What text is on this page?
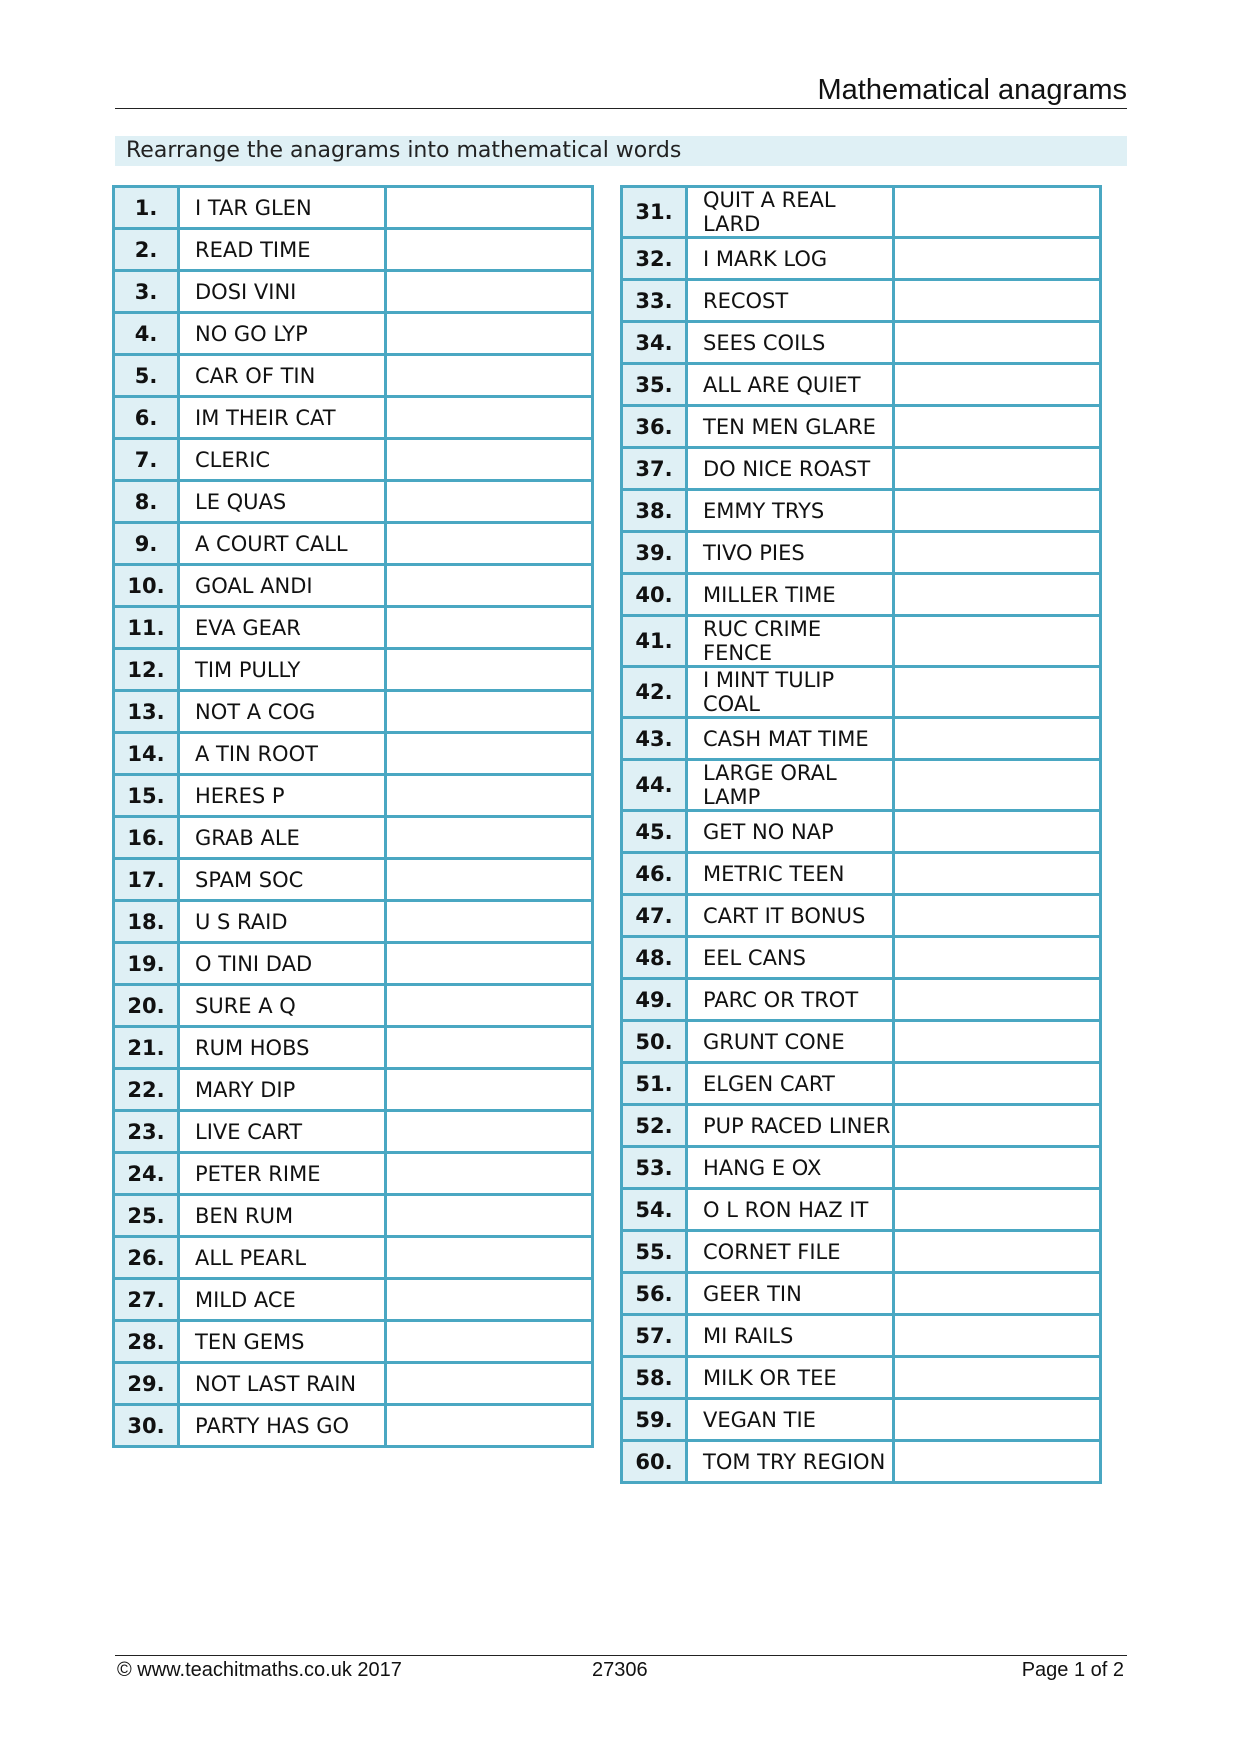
Mathematical anagrams
Rearrange the anagrams into mathematical words
1.	I TAR GLEN	
2.	READ TIME	
3.	DOSI VINI	
4.	NO GO LYP	
5.	CAR OF TIN	
6.	IM THEIR CAT	
7.	CLERIC	
8.	LE QUAS	
9.	A COURT CALL	
10.	GOAL ANDI	
11.	EVA GEAR	
12.	TIM PULLY	
13.	NOT A COG	
14.	A TIN ROOT	
15.	HERES P	
16.	GRAB ALE	
17.	SPAM SOC	
18.	U S RAID	
19.	O TINI DAD	
20.	SURE A Q	
21.	RUM HOBS	
22.	MARY DIP	
23.	LIVE CART	
24.	PETER RIME	
25.	BEN RUM	
26.	ALL PEARL	
27.	MILD ACE	
28.	TEN GEMS	
29.	NOT LAST RAIN	
30.	PARTY HAS GO	
31.	QUIT A REAL LARD	
32.	I MARK LOG	
33.	RECOST	
34.	SEES COILS	
35.	ALL ARE QUIET	
36.	TEN MEN GLARE	
37.	DO NICE ROAST	
38.	EMMY TRYS	
39.	TIVO PIES	
40.	MILLER TIME	
41.	RUC CRIME FENCE	
42.	I MINT TULIP COAL	
43.	CASH MAT TIME	
44.	LARGE ORAL LAMP	
45.	GET NO NAP	
46.	METRIC TEEN	
47.	CART IT BONUS	
48.	EEL CANS	
49.	PARC OR TROT	
50.	GRUNT CONE	
51.	ELGEN CART	
52.	PUP RACED LINER	
53.	HANG E OX	
54.	O L RON HAZ IT	
55.	CORNET FILE	
56.	GEER TIN	
57.	MI RAILS	
58.	MILK OR TEE	
59.	VEGAN TIE	
60.	TOM TRY REGION	
© www.teachitmaths.co.uk 2017	27306	Page 1 of 2
